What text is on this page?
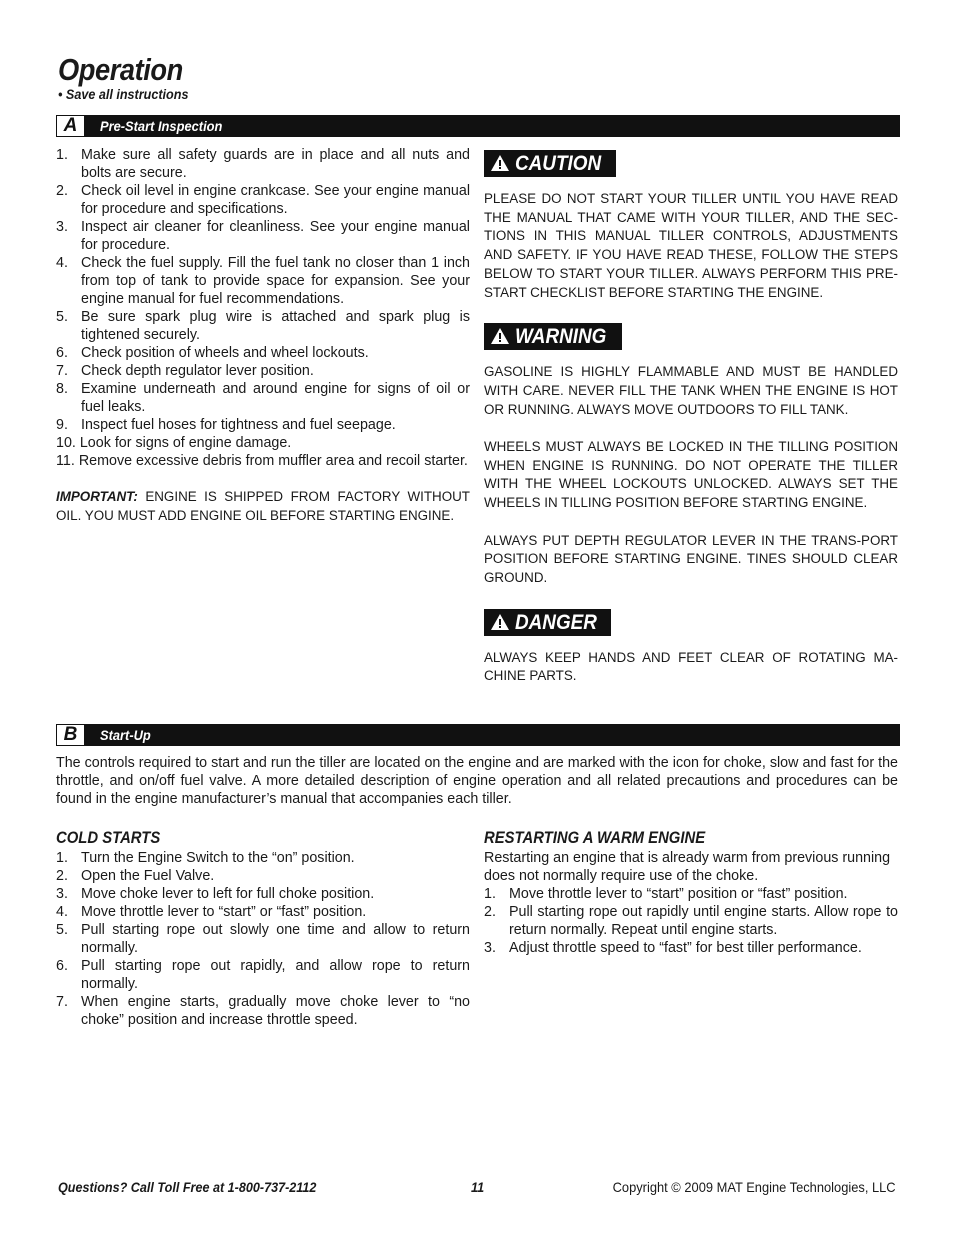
Operation
• Save all instructions
A	Pre-Start Inspection
1. Make sure all safety guards are in place and all nuts and bolts are secure.
2. Check oil level in engine crankcase. See your engine manual for procedure and specifications.
3. Inspect air cleaner for cleanliness. See your engine manual for procedure.
4. Check the fuel supply. Fill the fuel tank no closer than 1 inch from top of tank to provide space for expansion. See your engine manual for fuel recommendations.
5. Be sure spark plug wire is attached and spark plug is tightened securely.
6. Check position of wheels and wheel lockouts.
7. Check depth regulator lever position.
8. Examine underneath and around engine for signs of oil or fuel leaks.
9. Inspect fuel hoses for tightness and fuel seepage.
10. Look for signs of engine damage.
11. Remove excessive debris from muffler area and recoil starter.

IMPORTANT: ENGINE IS SHIPPED FROM FACTORY WITHOUT OIL. YOU MUST ADD ENGINE OIL BEFORE STARTING ENGINE.

CAUTION

PLEASE DO NOT START YOUR TILLER UNTIL YOU HAVE READ THE MANUAL THAT CAME WITH YOUR TILLER, AND THE SEC-TIONS IN THIS MANUAL TILLER CONTROLS, ADJUSTMENTS AND SAFETY. IF YOU HAVE READ THESE, FOLLOW THE STEPS BELOW TO START YOUR TILLER. ALWAYS PERFORM THIS PRE-START CHECKLIST BEFORE STARTING THE ENGINE.

WARNING

GASOLINE IS HIGHLY FLAMMABLE AND MUST BE HANDLED WITH CARE. NEVER FILL THE TANK WHEN THE ENGINE IS HOT OR RUNNING. ALWAYS MOVE OUTDOORS TO FILL TANK.

WHEELS MUST ALWAYS BE LOCKED IN THE TILLING POSITION WHEN ENGINE IS RUNNING. DO NOT OPERATE THE TILLER WITH THE WHEEL LOCKOUTS UNLOCKED. ALWAYS SET THE WHEELS IN TILLING POSITION BEFORE STARTING ENGINE.

ALWAYS PUT DEPTH REGULATOR LEVER IN THE TRANS-PORT POSITION BEFORE STARTING ENGINE. TINES SHOULD CLEAR GROUND.

DANGER

ALWAYS KEEP HANDS AND FEET CLEAR OF ROTATING MA-CHINE PARTS.

B	Start-Up

The controls required to start and run the tiller are located on the engine and are marked with the icon for choke, slow and fast for the throttle, and on/off fuel valve. A more detailed description of engine operation and all related precautions and procedures can be found in the engine manufacturer’s manual that accompanies each tiller.

COLD STARTS
1. Turn the Engine Switch to the “on” position.
2. Open the Fuel Valve.
3. Move choke lever to left for full choke position.
4. Move throttle lever to “start” or “fast” position.
5. Pull starting rope out slowly one time and allow to return normally.
6. Pull starting rope out rapidly, and allow rope to return normally.
7. When engine starts, gradually move choke lever to “no choke” position and increase throttle speed.
RESTARTING A WARM ENGINE

Restarting an engine that is already warm from previous running does not normally require use of the choke.

1. Move throttle lever to “start” position or “fast” position.
2. Pull starting rope out rapidly until engine starts. Allow rope to return normally. Repeat until engine starts.
3. Adjust throttle speed to “fast” for best tiller performance.
Questions? Call Toll Free at 1-800-737-2112	11	Copyright © 2009 MAT Engine Technologies, LLC
